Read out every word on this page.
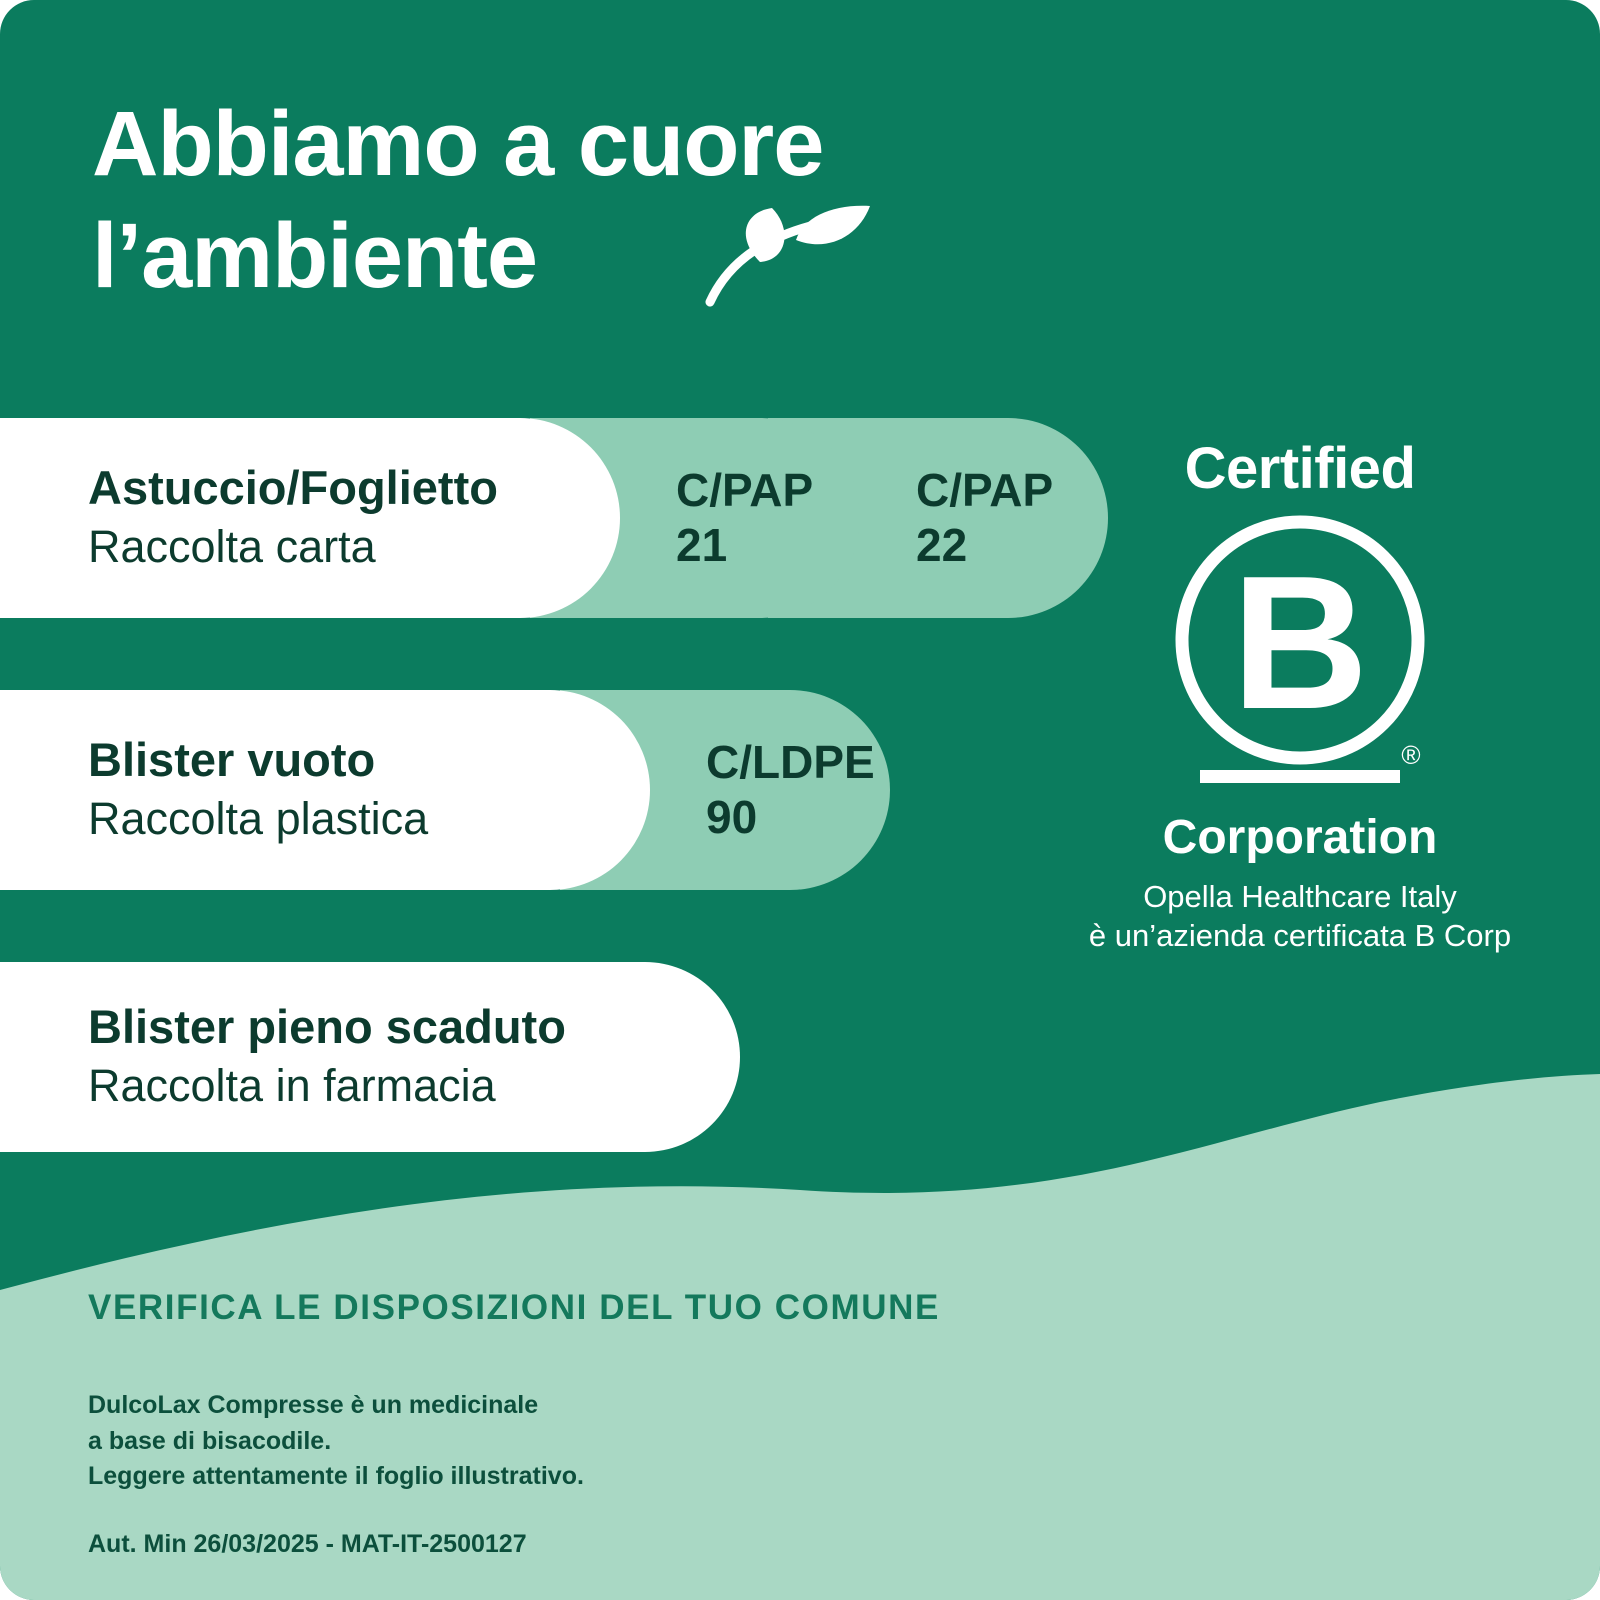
Abbiamo a cuore
l’ambiente
Astuccio/Foglietto
Raccolta carta
C/PAP
21
C/PAP
22
Blister vuoto
Raccolta plastica
C/LDPE
90
Blister pieno scaduto
Raccolta in farmacia
Certified
B
®
Corporation
Opella Healthcare Italy
è un’azienda certificata B Corp
VERIFICA LE DISPOSIZIONI DEL TUO COMUNE
DulcoLax Compresse è un medicinale
a base di bisacodile.
Leggere attentamente il foglio illustrativo.
Aut. Min 26/03/2025 - MAT-IT-2500127
